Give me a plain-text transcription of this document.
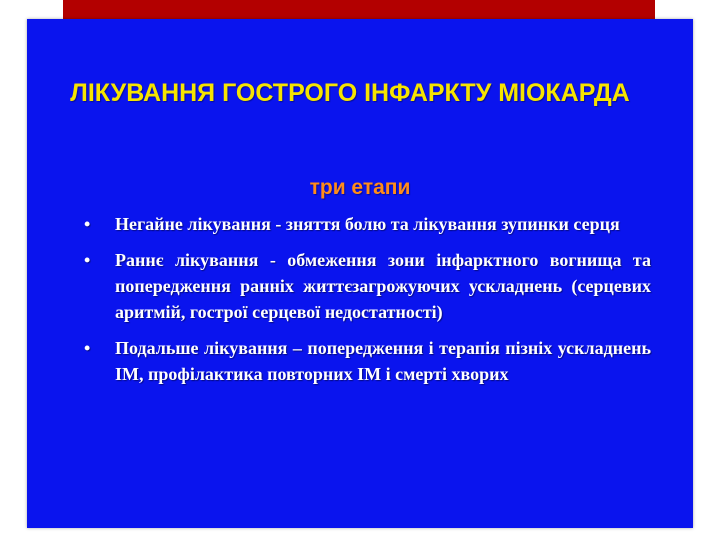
ЛІКУВАННЯ ГОСТРОГО ІНФАРКТУ МІОКАРДА
три етапи
• Негайне лікування - зняття болю та лікування зупинки серця
• Раннє лікування - обмеження зони інфарктного вогнища та попередження ранніх життєзагрожуючих ускладнень (серцевих аритмій, гострої серцевої недостатності)
• Подальше лікування – попередження і терапія пізніх ускладнень ІМ, профілактика повторних ІМ і смерті хворих
